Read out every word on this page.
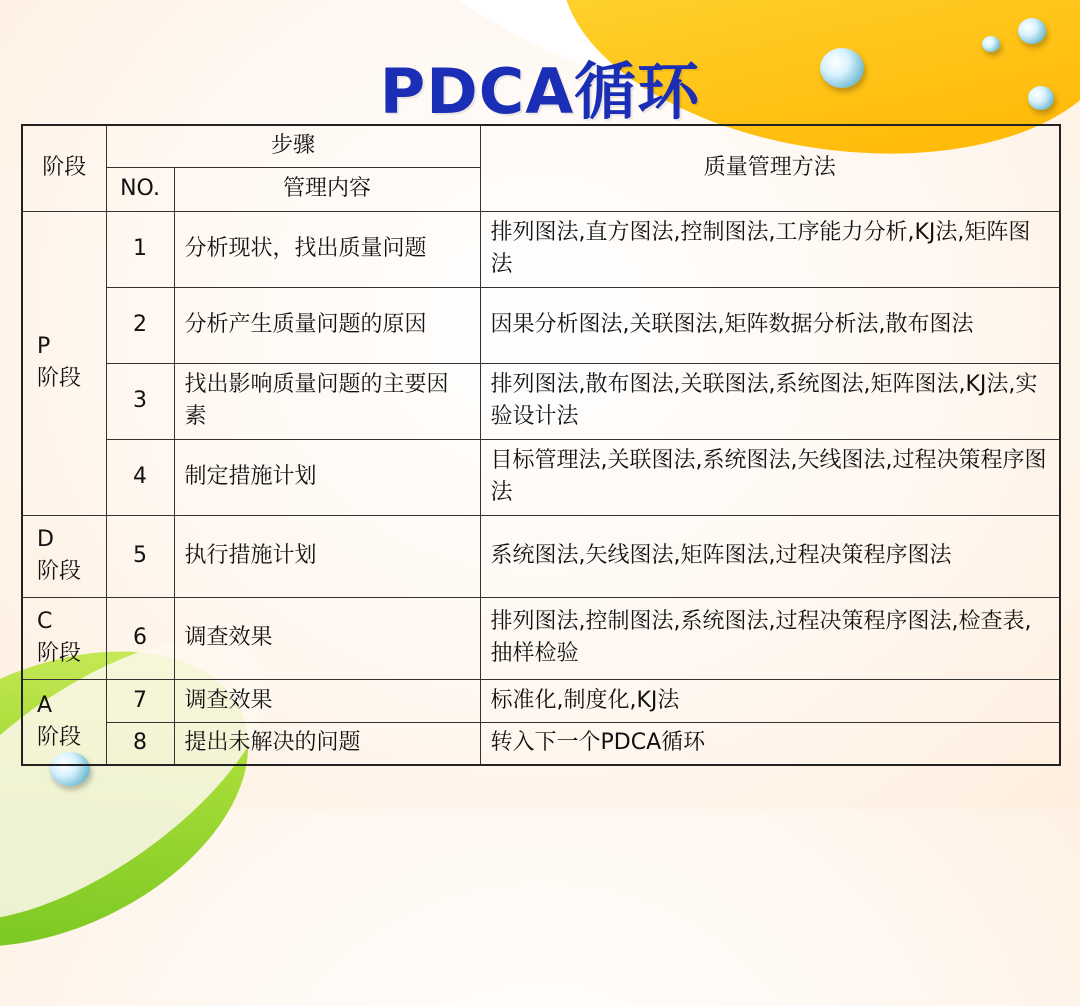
PDCA循环
阶段	步骤		质量管理方法
	NO.	管理内容	

P
阶段	1	分析现状，找出质量问题	排列图法,直方图法,控制图法,工序能力分析,KJ法,矩阵图法
	2	分析产生质量问题的原因	因果分析图法,关联图法,矩阵数据分析法,散布图法
	3	找出影响质量问题的主要因素	排列图法,散布图法,关联图法,系统图法,矩阵图法,KJ法,实验设计法
	4	制定措施计划	目标管理法,关联图法,系统图法,矢线图法,过程决策程序图法

D
阶段	5	执行措施计划	系统图法,矢线图法,矩阵图法,过程决策程序图法

C
阶段	6	调查效果	排列图法,控制图法,系统图法,过程决策程序图法,检查表,抽样检验

A
阶段	7	调查效果	标准化,制度化,KJ法
	8	提出未解决的问题	转入下一个PDCA循环
